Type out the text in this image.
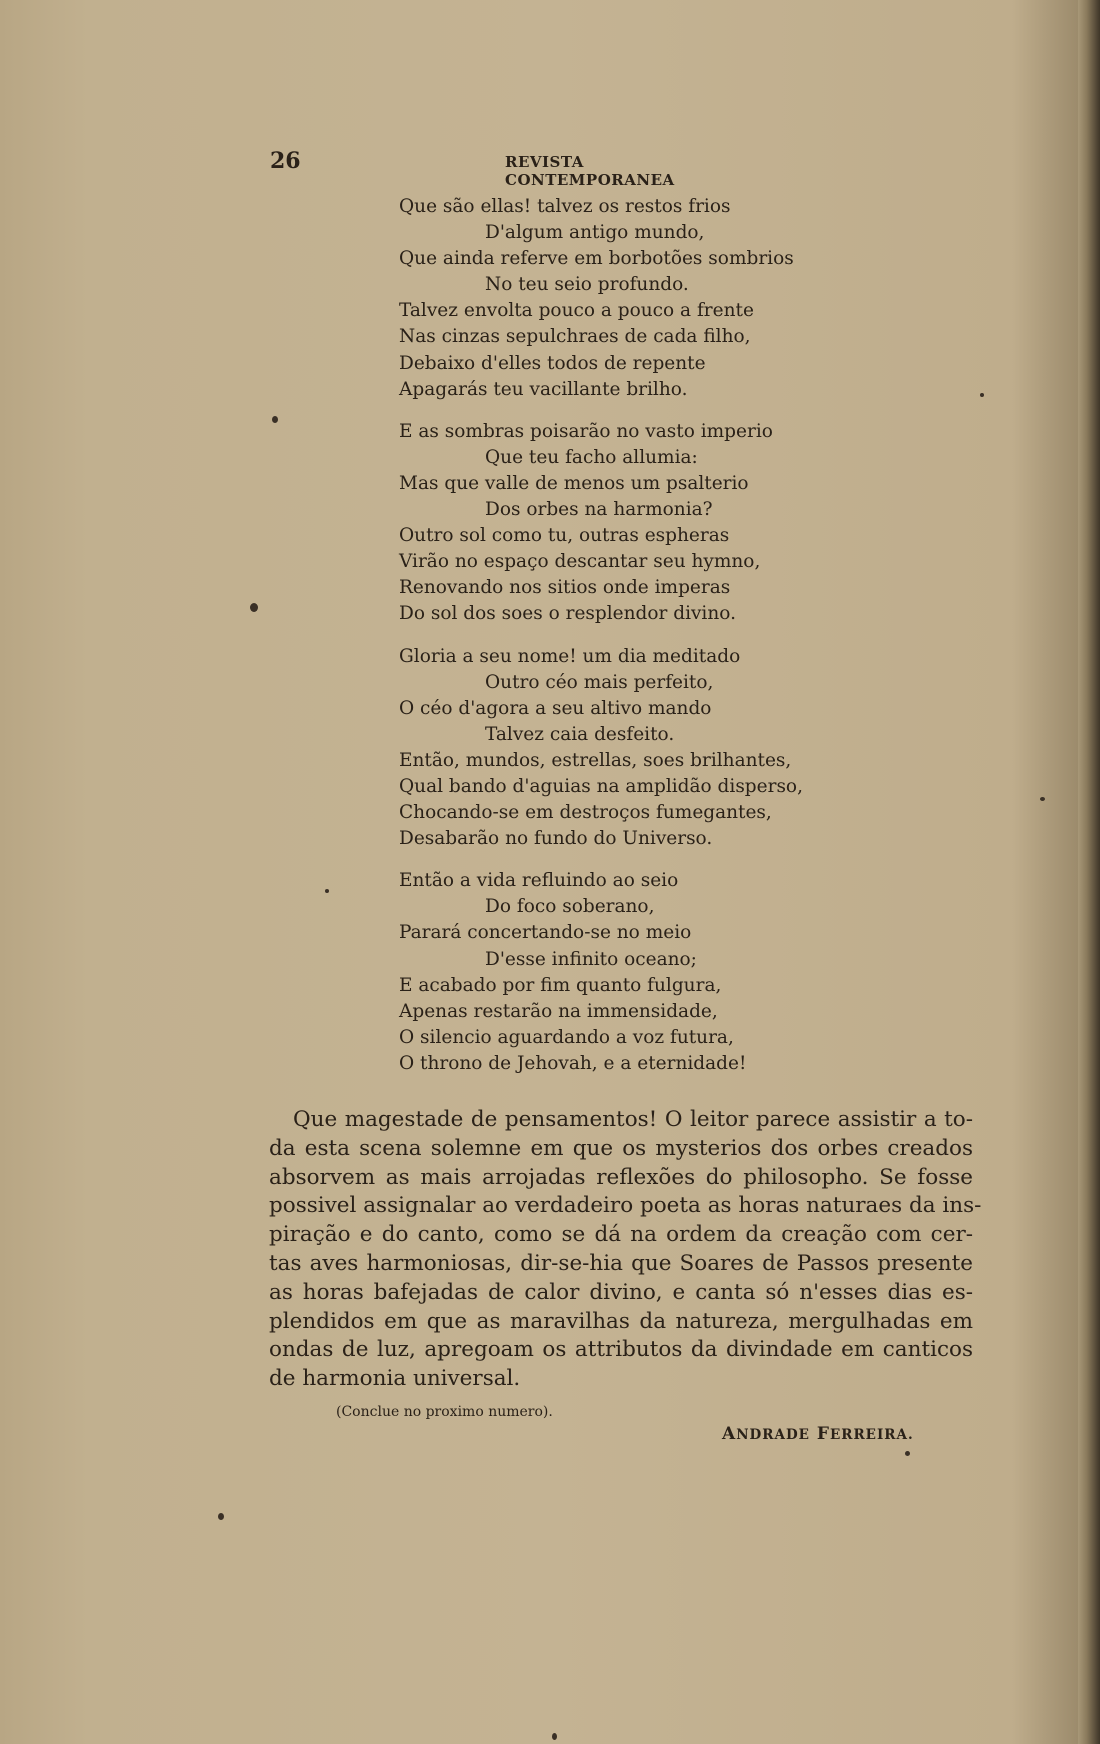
26	REVISTA CONTEMPORANEA
Que são ellas! talvez os restos frios
D'algum antigo mundo,
Que ainda referve em borbotões sombrios
No teu seio profundo.
Talvez envolta pouco a pouco a frente
Nas cinzas sepulchraes de cada filho,
Debaixo d'elles todos de repente
Apagarás teu vacillante brilho.
E as sombras poisarão no vasto imperio
Que teu facho allumia:
Mas que valle de menos um psalterio
Dos orbes na harmonia?
Outro sol como tu, outras espheras
Virão no espaço descantar seu hymno,
Renovando nos sitios onde imperas
Do sol dos soes o resplendor divino.
Gloria a seu nome! um dia meditado
Outro céo mais perfeito,
O céo d'agora a seu altivo mando
Talvez caia desfeito.
Então, mundos, estrellas, soes brilhantes,
Qual bando d'aguias na amplidão disperso,
Chocando-se em destroços fumegantes,
Desabarão no fundo do Universo.
Então a vida refluindo ao seio
Do foco soberano,
Parará concertando-se no meio
D'esse infinito oceano;
E acabado por fim quanto fulgura,
Apenas restarão na immensidade,
O silencio aguardando a voz futura,
O throno de Jehovah, e a eternidade!
Que magestade de pensamentos! O leitor parece assistir a to-
da esta scena solemne em que os mysterios dos orbes creados
absorvem as mais arrojadas reflexões do philosopho. Se fosse
possivel assignalar ao verdadeiro poeta as horas naturaes da ins-
piração e do canto, como se dá na ordem da creação com cer-
tas aves harmoniosas, dir-se-hia que Soares de Passos presente
as horas bafejadas de calor divino, e canta só n'esses dias es-
plendidos em que as maravilhas da natureza, mergulhadas em
ondas de luz, apregoam os attributos da divindade em canticos
de harmonia universal.
(Conclue no proximo numero).
ANDRADE FERREIRA.
